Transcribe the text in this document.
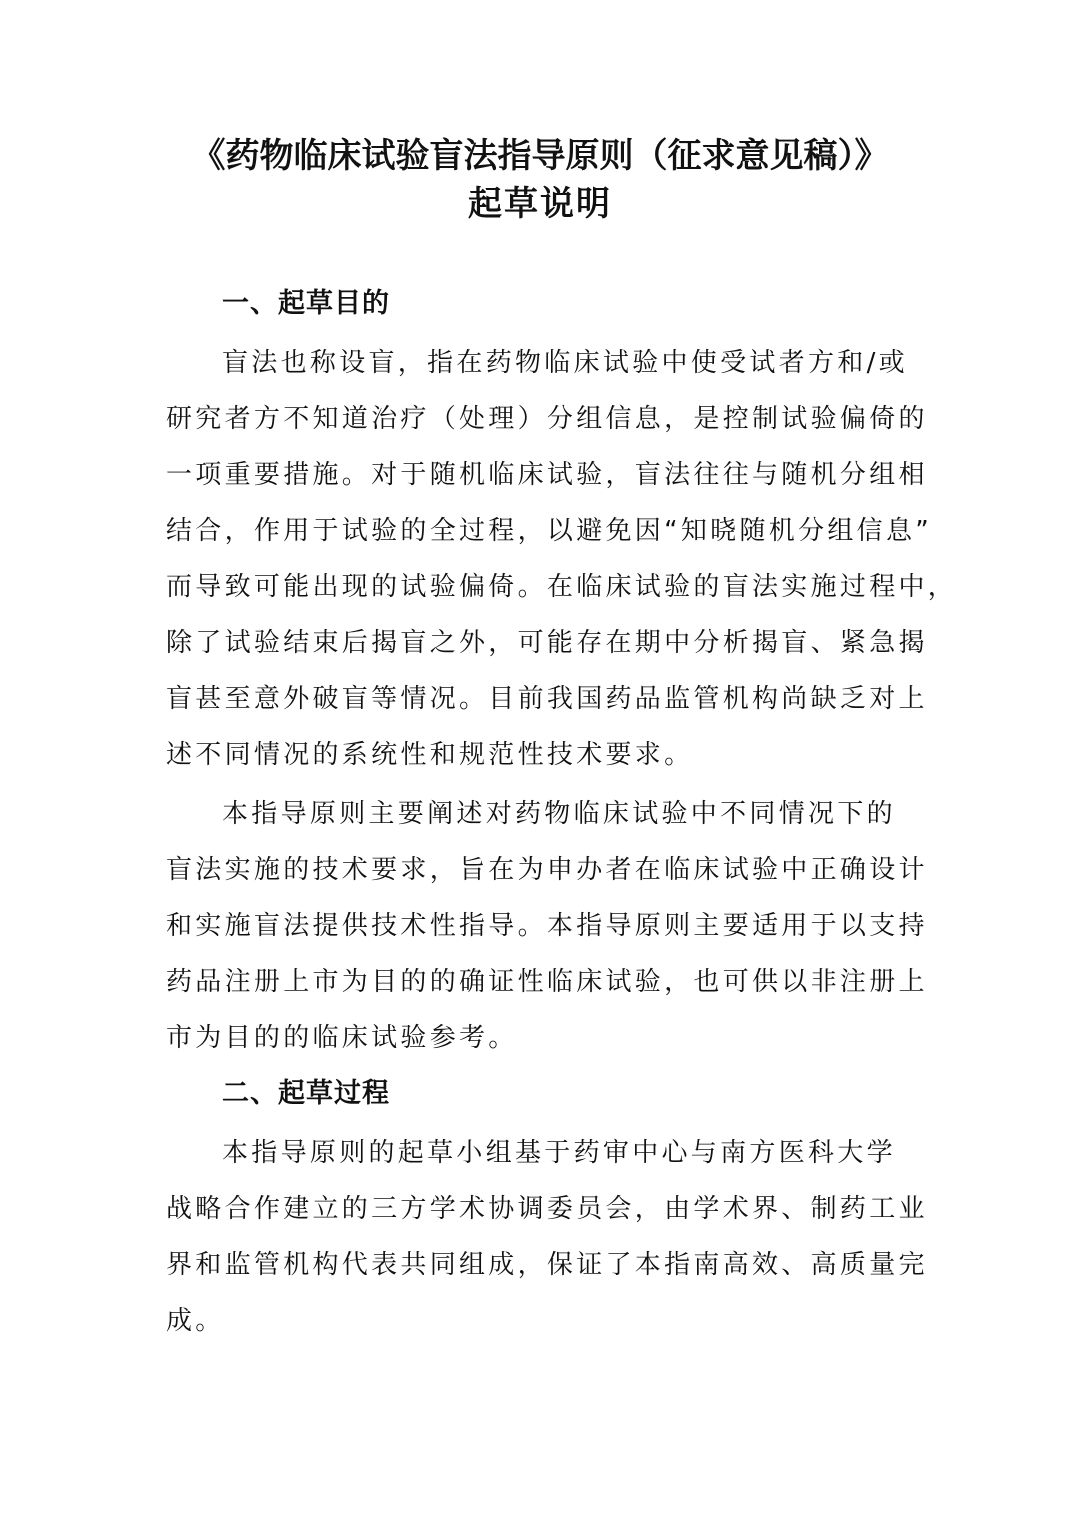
《药物临床试验盲法指导原则（征求意见稿）》
起草说明
一、起草目的

盲法也称设盲，指在药物临床试验中使受试者方和/或

研究者方不知道治疗（处理）分组信息，是控制试验偏倚的

一项重要措施。对于随机临床试验，盲法往往与随机分组相

结合，作用于试验的全过程，以避免因“知晓随机分组信息”

而导致可能出现的试验偏倚。在临床试验的盲法实施过程中，

除了试验结束后揭盲之外，可能存在期中分析揭盲、紧急揭

盲甚至意外破盲等情况。目前我国药品监管机构尚缺乏对上

述不同情况的系统性和规范性技术要求。

本指导原则主要阐述对药物临床试验中不同情况下的

盲法实施的技术要求，旨在为申办者在临床试验中正确设计

和实施盲法提供技术性指导。本指导原则主要适用于以支持

药品注册上市为目的的确证性临床试验，也可供以非注册上

市为目的的临床试验参考。

二、起草过程

本指导原则的起草小组基于药审中心与南方医科大学

战略合作建立的三方学术协调委员会，由学术界、制药工业

界和监管机构代表共同组成，保证了本指南高效、高质量完

成。
